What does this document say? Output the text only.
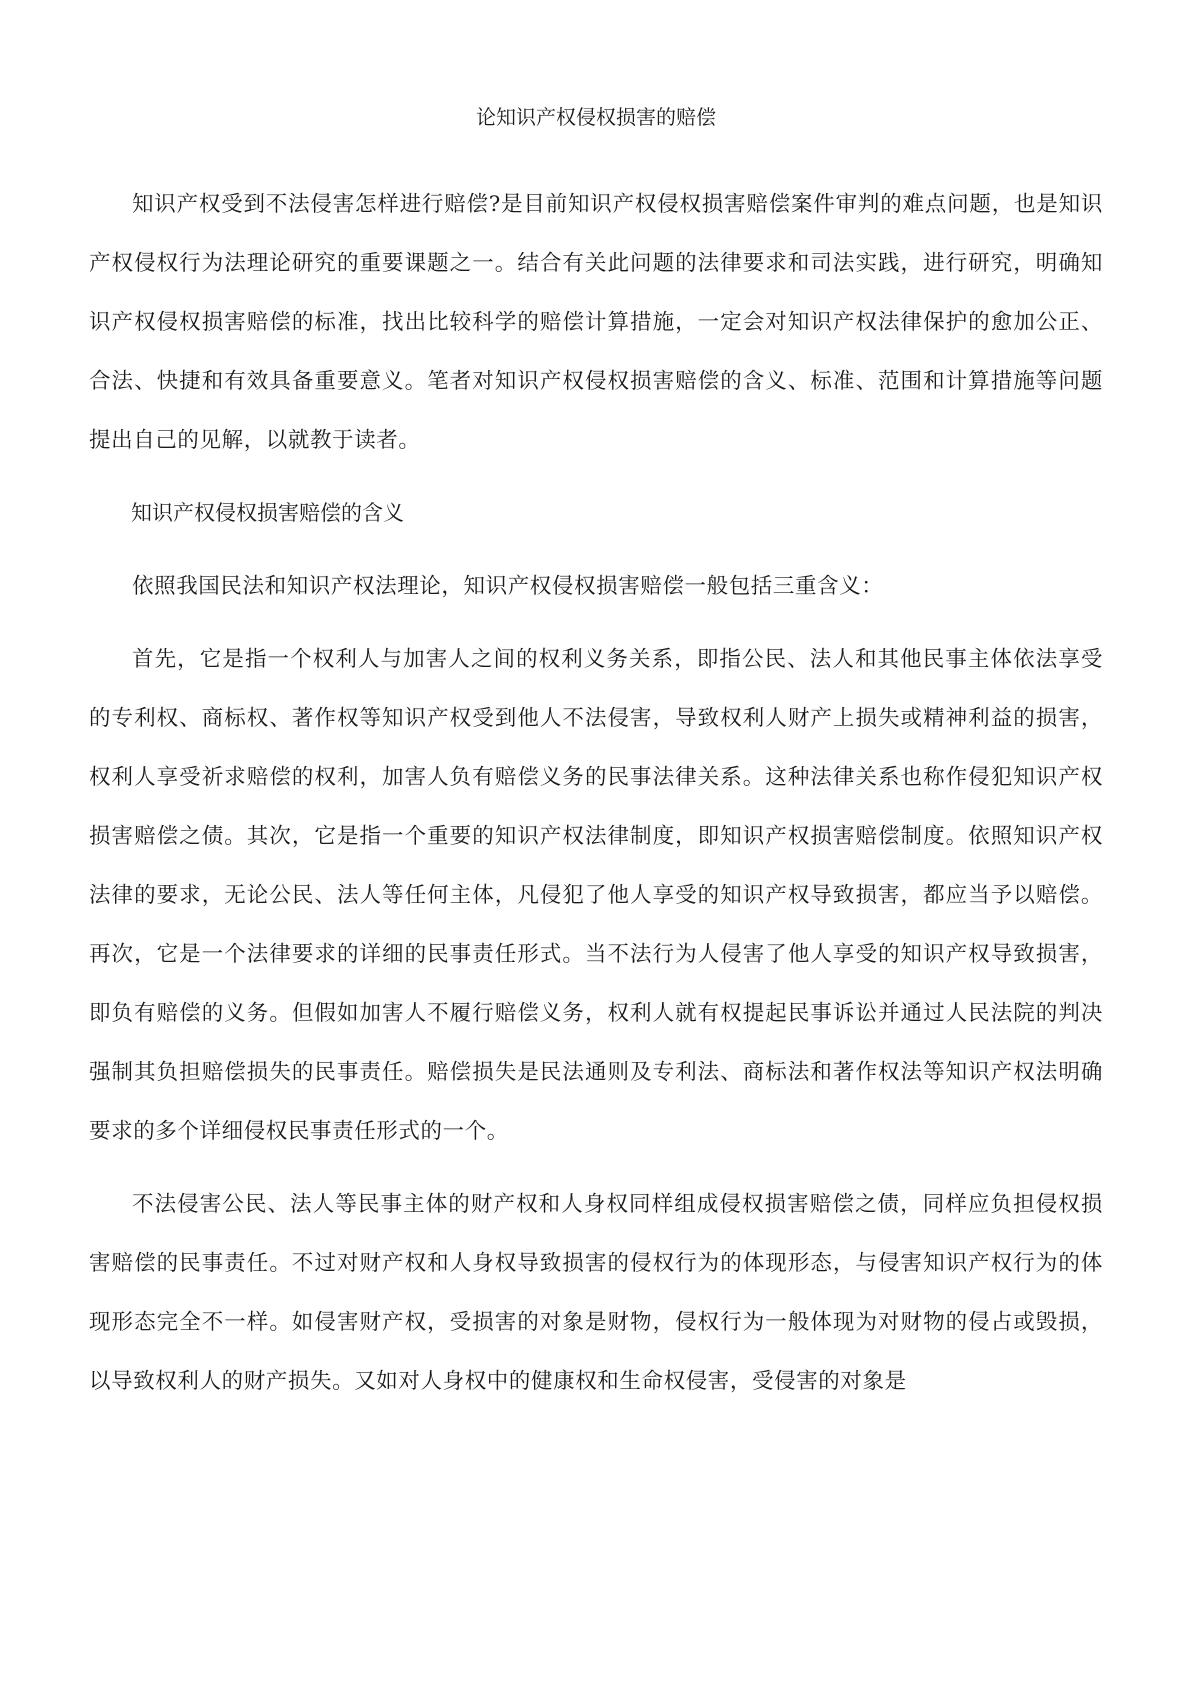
论知识产权侵权损害的赔偿

知识产权受到不法侵害怎样进行赔偿?是目前知识产权侵权损害赔偿案件审判的难点问题，也是知识产权侵权行为法理论研究的重要课题之一。结合有关此问题的法律要求和司法实践，进行研究，明确知识产权侵权损害赔偿的标准，找出比较科学的赔偿计算措施，一定会对知识产权法律保护的愈加公正、合法、快捷和有效具备重要意义。笔者对知识产权侵权损害赔偿的含义、标准、范围和计算措施等问题提出自己的见解，以就教于读者。

知识产权侵权损害赔偿的含义

依照我国民法和知识产权法理论，知识产权侵权损害赔偿一般包括三重含义：

首先，它是指一个权利人与加害人之间的权利义务关系，即指公民、法人和其他民事主体依法享受的专利权、商标权、著作权等知识产权受到他人不法侵害，导致权利人财产上损失或精神利益的损害，权利人享受祈求赔偿的权利，加害人负有赔偿义务的民事法律关系。这种法律关系也称作侵犯知识产权损害赔偿之债。其次，它是指一个重要的知识产权法律制度，即知识产权损害赔偿制度。依照知识产权法律的要求，无论公民、法人等任何主体，凡侵犯了他人享受的知识产权导致损害，都应当予以赔偿。再次，它是一个法律要求的详细的民事责任形式。当不法行为人侵害了他人享受的知识产权导致损害，即负有赔偿的义务。但假如加害人不履行赔偿义务，权利人就有权提起民事诉讼并通过人民法院的判决强制其负担赔偿损失的民事责任。赔偿损失是民法通则及专利法、商标法和著作权法等知识产权法明确要求的多个详细侵权民事责任形式的一个。

不法侵害公民、法人等民事主体的财产权和人身权同样组成侵权损害赔偿之债，同样应负担侵权损害赔偿的民事责任。不过对财产权和人身权导致损害的侵权行为的体现形态，与侵害知识产权行为的体现形态完全不一样。如侵害财产权，受损害的对象是财物，侵权行为一般体现为对财物的侵占或毁损，以导致权利人的财产损失。又如对人身权中的健康权和生命权侵害，受侵害的对象是
